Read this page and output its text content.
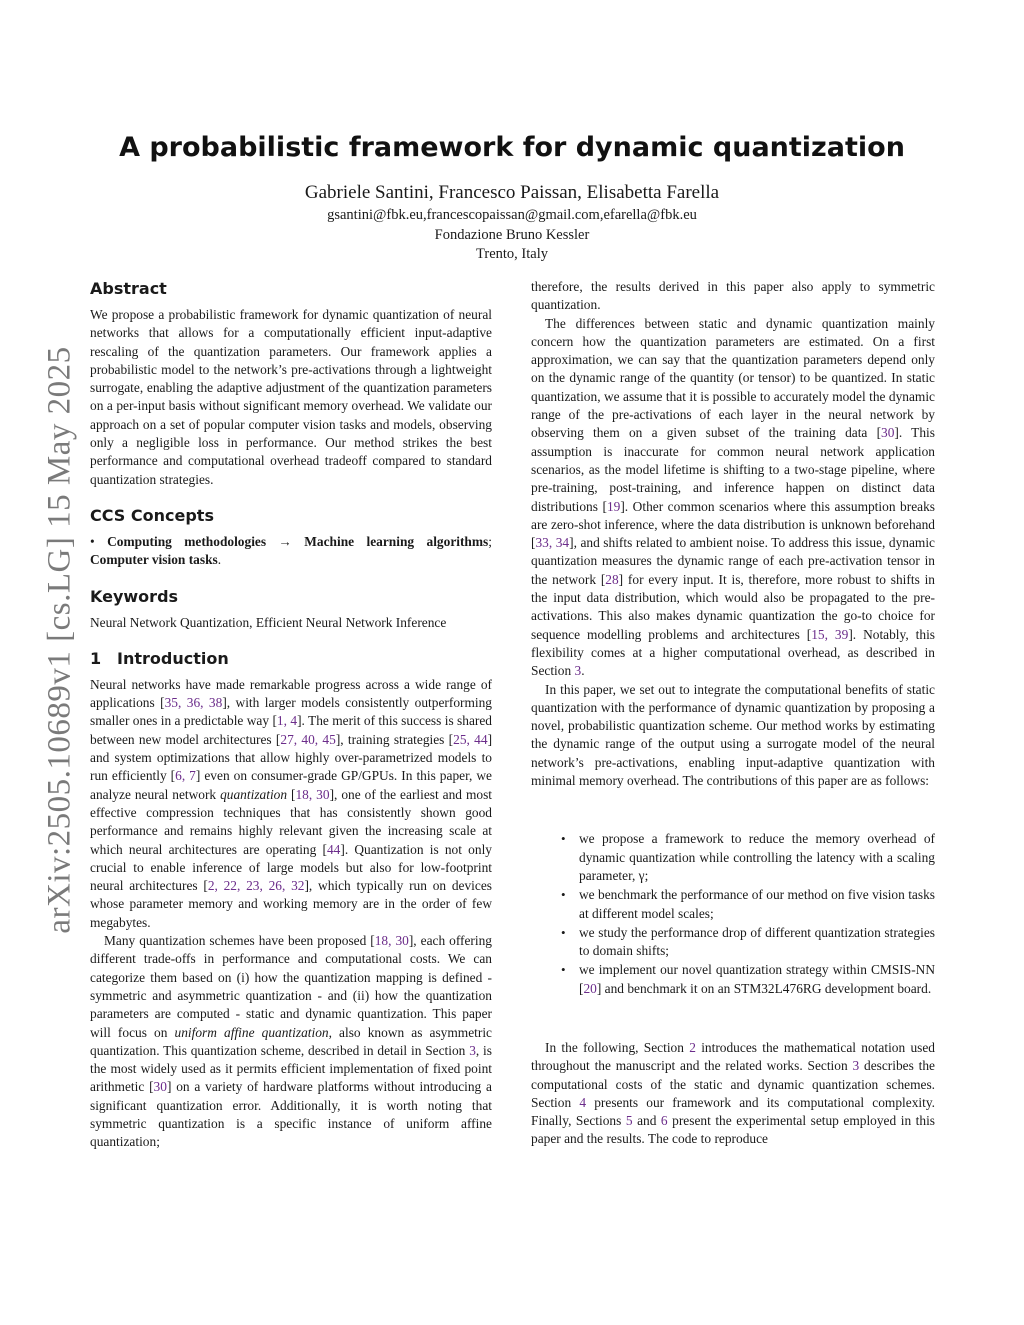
arXiv:2505.10689v1 [cs.LG] 15 May 2025
A probabilistic framework for dynamic quantization
Gabriele Santini, Francesco Paissan, Elisabetta Farella
gsantini@fbk.eu,francescopaissan@gmail.com,efarella@fbk.eu
Fondazione Bruno Kessler
Trento, Italy
Abstract

We propose a probabilistic framework for dynamic quantization of neural networks that allows for a computationally efficient input-adaptive rescaling of the quantization parameters. Our framework applies a probabilistic model to the network’s pre-activations through a lightweight surrogate, enabling the adaptive adjustment of the quantization parameters on a per-input basis without significant memory overhead. We validate our approach on a set of popular computer vision tasks and models, observing only a negligible loss in performance. Our method strikes the best performance and computational overhead tradeoff compared to standard quantization strategies.

CCS Concepts

• Computing methodologies → Machine learning algorithms; Computer vision tasks.

Keywords

Neural Network Quantization, Efficient Neural Network Inference

1 Introduction

Neural networks have made remarkable progress across a wide range of applications [35, 36, 38], with larger models consistently outperforming smaller ones in a predictable way [1, 4]. The merit of this success is shared between new model architectures [27, 40, 45], training strategies [25, 44] and system optimizations that allow highly over-parametrized models to run efficiently [6, 7] even on consumer-grade GP/GPUs. In this paper, we analyze neural network quantization [18, 30], one of the earliest and most effective compression techniques that has consistently shown good performance and remains highly relevant given the increasing scale at which neural architectures are operating [44]. Quantization is not only crucial to enable inference of large models but also for low-footprint neural architectures [2, 22, 23, 26, 32], which typically run on devices whose parameter memory and working memory are in the order of few megabytes.

Many quantization schemes have been proposed [18, 30], each offering different trade-offs in performance and computational costs. We can categorize them based on (i) how the quantization mapping is defined - symmetric and asymmetric quantization - and (ii) how the quantization parameters are computed - static and dynamic quantization. This paper will focus on uniform affine quantization, also known as asymmetric quantization. This quantization scheme, described in detail in Section 3, is the most widely used as it permits efficient implementation of fixed point arithmetic [30] on a variety of hardware platforms without introducing a significant quantization error. Additionally, it is worth noting that symmetric quantization is a specific instance of uniform affine quantization;

therefore, the results derived in this paper also apply to symmetric quantization.

The differences between static and dynamic quantization mainly concern how the quantization parameters are estimated. On a first approximation, we can say that the quantization parameters depend only on the dynamic range of the quantity (or tensor) to be quantized. In static quantization, we assume that it is possible to accurately model the dynamic range of the pre-activations of each layer in the neural network by observing them on a given subset of the training data [30]. This assumption is inaccurate for common neural network application scenarios, as the model lifetime is shifting to a two-stage pipeline, where pre-training, post-training, and inference happen on distinct data distributions [19]. Other common scenarios where this assumption breaks are zero-shot inference, where the data distribution is unknown beforehand [33, 34], and shifts related to ambient noise. To address this issue, dynamic quantization measures the dynamic range of each pre-activation tensor in the network [28] for every input. It is, therefore, more robust to shifts in the input data distribution, which would also be propagated to the pre-activations. This also makes dynamic quantization the go-to choice for sequence modelling problems and architectures [15, 39]. Notably, this flexibility comes at a higher computational overhead, as described in Section 3.

In this paper, we set out to integrate the computational benefits of static quantization with the performance of dynamic quantization by proposing a novel, probabilistic quantization scheme. Our method works by estimating the dynamic range of the output using a surrogate model of the neural network’s pre-activations, enabling input-adaptive quantization with minimal memory overhead. The contributions of this paper are as follows:

• we propose a framework to reduce the memory overhead of dynamic quantization while controlling the latency with a scaling parameter, γ;
• we benchmark the performance of our method on five vision tasks at different model scales;
• we study the performance drop of different quantization strategies to domain shifts;
• we implement our novel quantization strategy within CMSIS-NN [20] and benchmark it on an STM32L476RG development board.

In the following, Section 2 introduces the mathematical notation used throughout the manuscript and the related works. Section 3 describes the computational costs of the static and dynamic quantization schemes. Section 4 presents our framework and its computational complexity. Finally, Sections 5 and 6 present the experimental setup employed in this paper and the results. The code to reproduce
